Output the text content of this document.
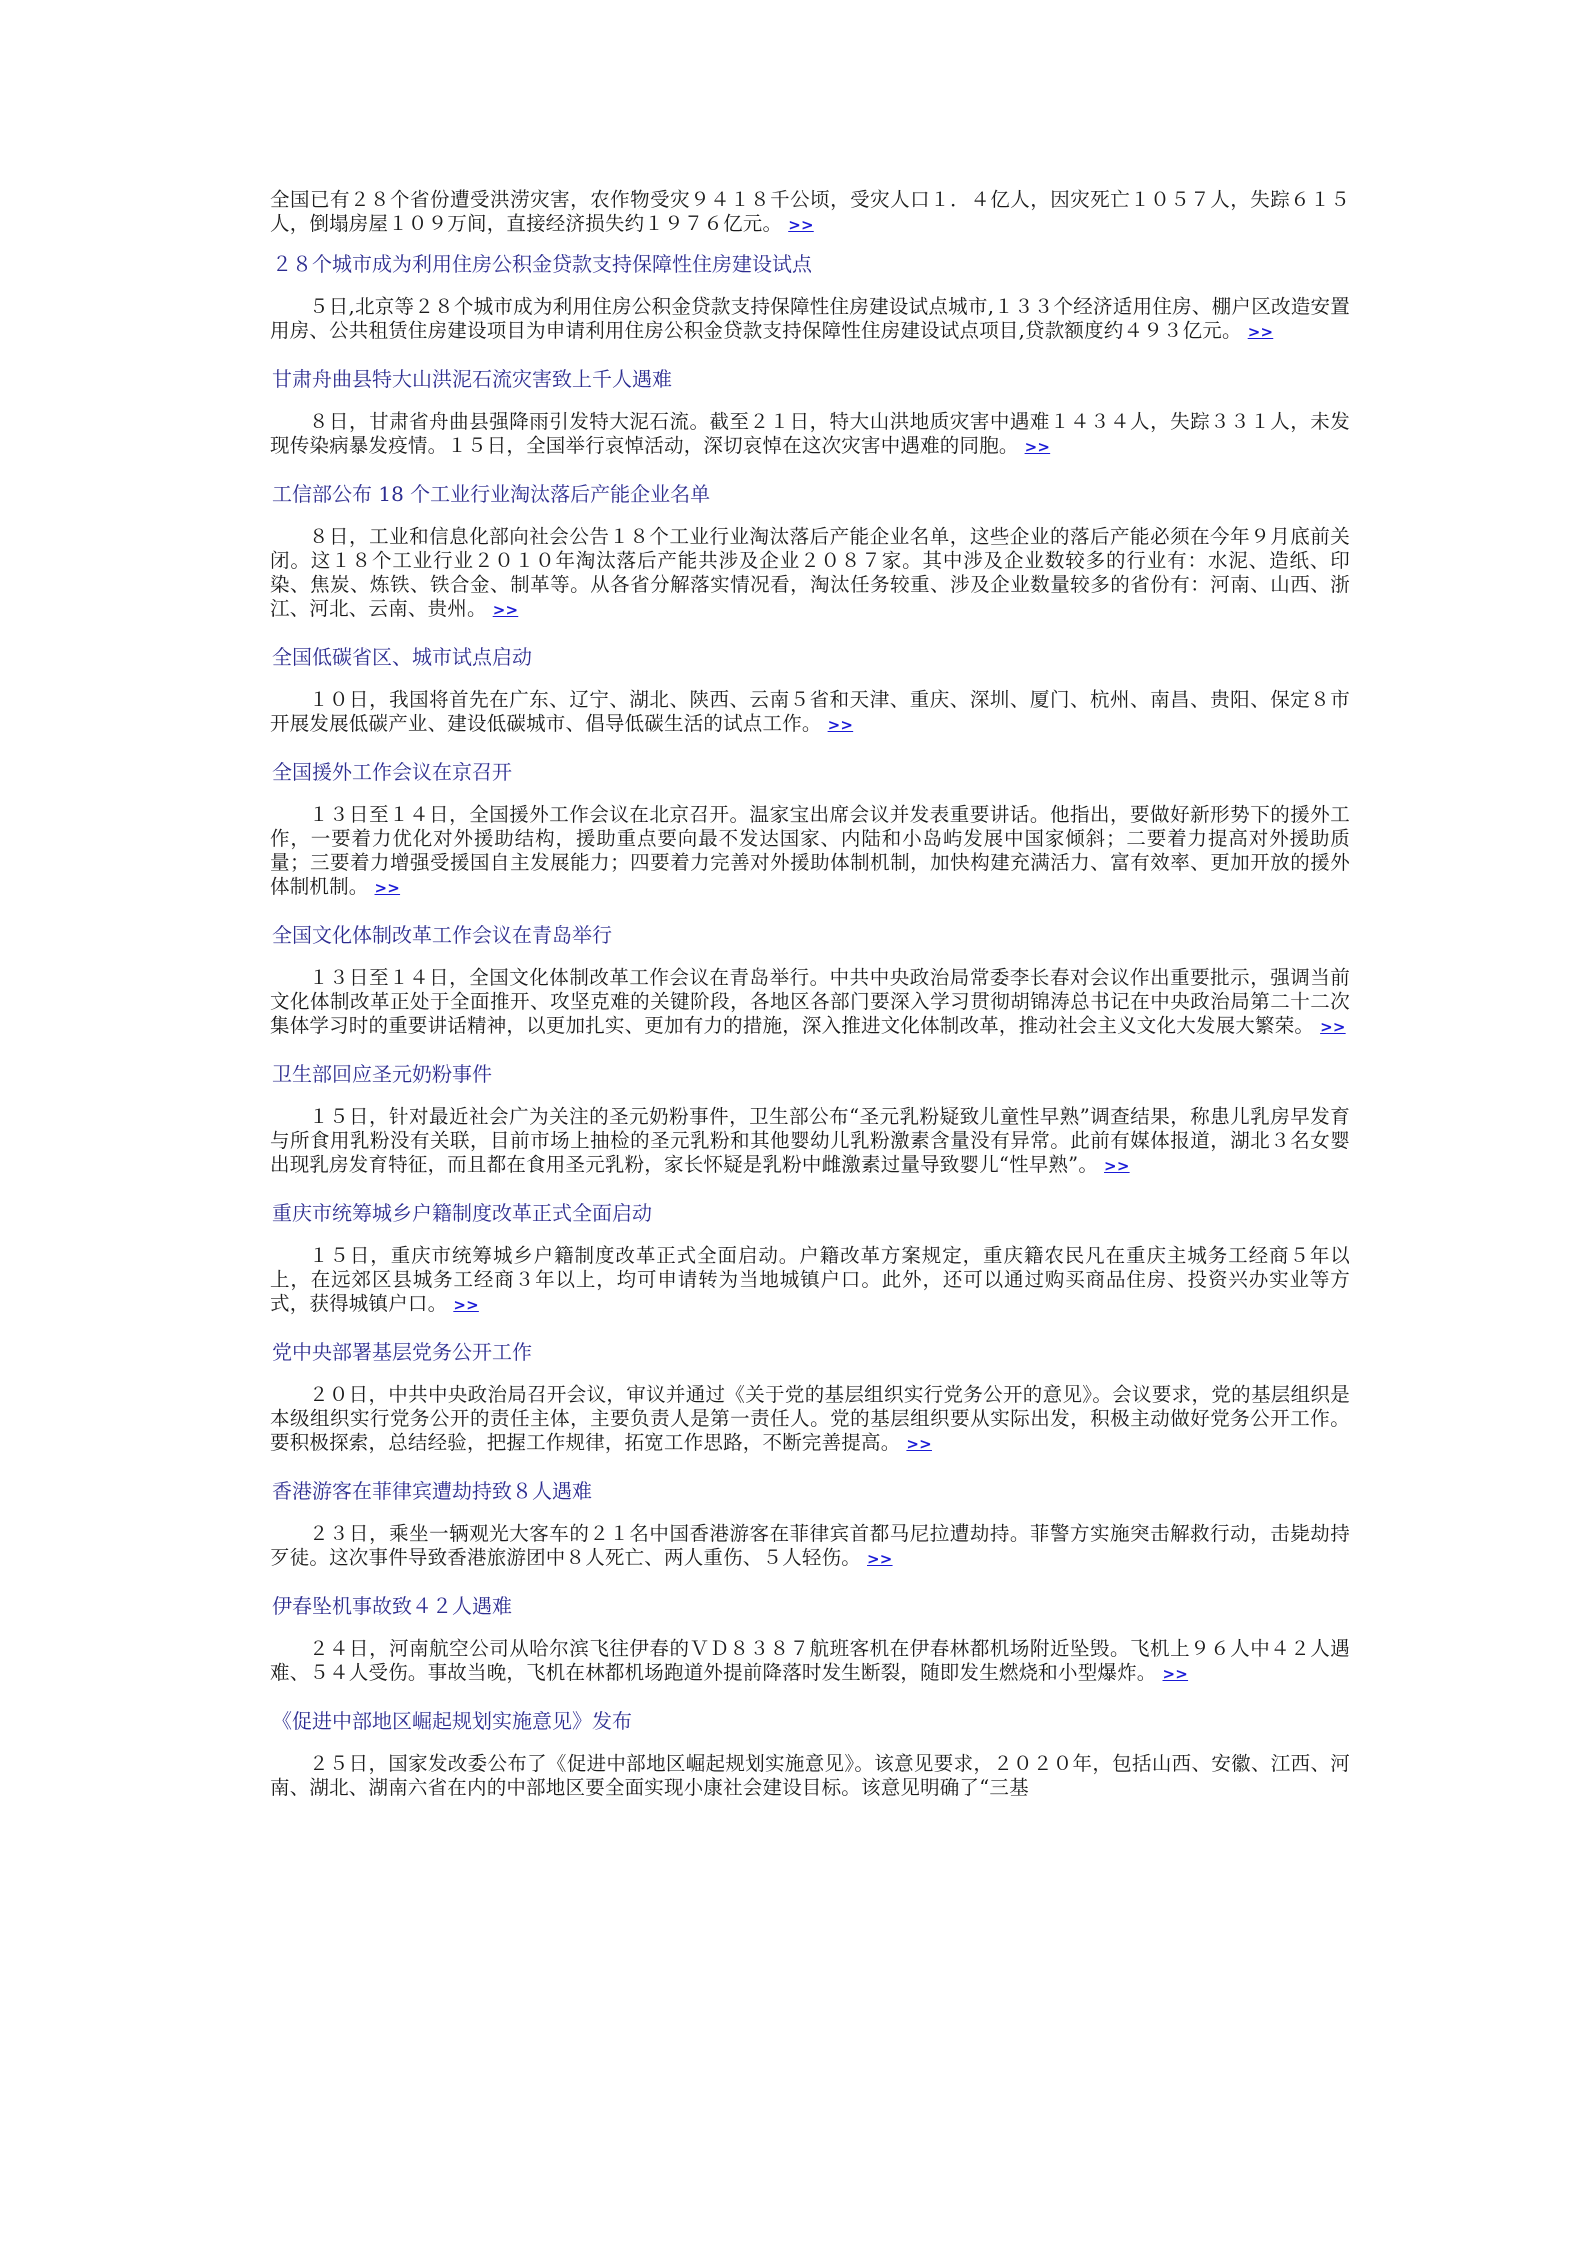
全国已有２８个省份遭受洪涝灾害，农作物受灾９４１８千公顷，受灾人口１．４亿人，因灾死亡１０５７人，失踪６１５人，倒塌房屋１０９万间，直接经济损失约１９７６亿元。 >>

２８个城市成为利用住房公积金贷款支持保障性住房建设试点

５日,北京等２８个城市成为利用住房公积金贷款支持保障性住房建设试点城市,１３３个经济适用住房、棚户区改造安置用房、公共租赁住房建设项目为申请利用住房公积金贷款支持保障性住房建设试点项目,贷款额度约４９３亿元。 >>

甘肃舟曲县特大山洪泥石流灾害致上千人遇难

８日，甘肃省舟曲县强降雨引发特大泥石流。截至２１日，特大山洪地质灾害中遇难１４３４人，失踪３３１人，未发现传染病暴发疫情。１５日，全国举行哀悼活动，深切哀悼在这次灾害中遇难的同胞。 >>

工信部公布 18 个工业行业淘汰落后产能企业名单

８日，工业和信息化部向社会公告１８个工业行业淘汰落后产能企业名单，这些企业的落后产能必须在今年９月底前关闭。这１８个工业行业２０１０年淘汰落后产能共涉及企业２０８７家。其中涉及企业数较多的行业有：水泥、造纸、印染、焦炭、炼铁、铁合金、制革等。从各省分解落实情况看，淘汰任务较重、涉及企业数量较多的省份有：河南、山西、浙江、河北、云南、贵州。 >>

全国低碳省区、城市试点启动

１０日，我国将首先在广东、辽宁、湖北、陕西、云南５省和天津、重庆、深圳、厦门、杭州、南昌、贵阳、保定８市开展发展低碳产业、建设低碳城市、倡导低碳生活的试点工作。 >>

全国援外工作会议在京召开

１３日至１４日，全国援外工作会议在北京召开。温家宝出席会议并发表重要讲话。他指出，要做好新形势下的援外工作，一要着力优化对外援助结构，援助重点要向最不发达国家、内陆和小岛屿发展中国家倾斜；二要着力提高对外援助质量；三要着力增强受援国自主发展能力；四要着力完善对外援助体制机制，加快构建充满活力、富有效率、更加开放的援外体制机制。 >>

全国文化体制改革工作会议在青岛举行

１３日至１４日，全国文化体制改革工作会议在青岛举行。中共中央政治局常委李长春对会议作出重要批示，强调当前文化体制改革正处于全面推开、攻坚克难的关键阶段，各地区各部门要深入学习贯彻胡锦涛总书记在中央政治局第二十二次集体学习时的重要讲话精神，以更加扎实、更加有力的措施，深入推进文化体制改革，推动社会主义文化大发展大繁荣。 >>

卫生部回应圣元奶粉事件

１５日，针对最近社会广为关注的圣元奶粉事件，卫生部公布“圣元乳粉疑致儿童性早熟”调查结果，称患儿乳房早发育与所食用乳粉没有关联，目前市场上抽检的圣元乳粉和其他婴幼儿乳粉激素含量没有异常。此前有媒体报道，湖北３名女婴出现乳房发育特征，而且都在食用圣元乳粉，家长怀疑是乳粉中雌激素过量导致婴儿“性早熟”。 >>

重庆市统筹城乡户籍制度改革正式全面启动

１５日，重庆市统筹城乡户籍制度改革正式全面启动。户籍改革方案规定，重庆籍农民凡在重庆主城务工经商５年以上，在远郊区县城务工经商３年以上，均可申请转为当地城镇户口。此外，还可以通过购买商品住房、投资兴办实业等方式，获得城镇户口。 >>

党中央部署基层党务公开工作

２０日，中共中央政治局召开会议，审议并通过《关于党的基层组织实行党务公开的意见》。会议要求，党的基层组织是本级组织实行党务公开的责任主体，主要负责人是第一责任人。党的基层组织要从实际出发，积极主动做好党务公开工作。要积极探索，总结经验，把握工作规律，拓宽工作思路，不断完善提高。 >>

香港游客在菲律宾遭劫持致８人遇难

２３日，乘坐一辆观光大客车的２１名中国香港游客在菲律宾首都马尼拉遭劫持。菲警方实施突击解救行动，击毙劫持歹徒。这次事件导致香港旅游团中８人死亡、两人重伤、５人轻伤。 >>

伊春坠机事故致４２人遇难

２４日，河南航空公司从哈尔滨飞往伊春的ＶＤ８３８７航班客机在伊春林都机场附近坠毁。飞机上９６人中４２人遇难、５４人受伤。事故当晚，飞机在林都机场跑道外提前降落时发生断裂，随即发生燃烧和小型爆炸。 >>

《促进中部地区崛起规划实施意见》发布

２５日，国家发改委公布了《促进中部地区崛起规划实施意见》。该意见要求，２０２０年，包括山西、安徽、江西、河南、湖北、湖南六省在内的中部地区要全面实现小康社会建设目标。该意见明确了“三基
